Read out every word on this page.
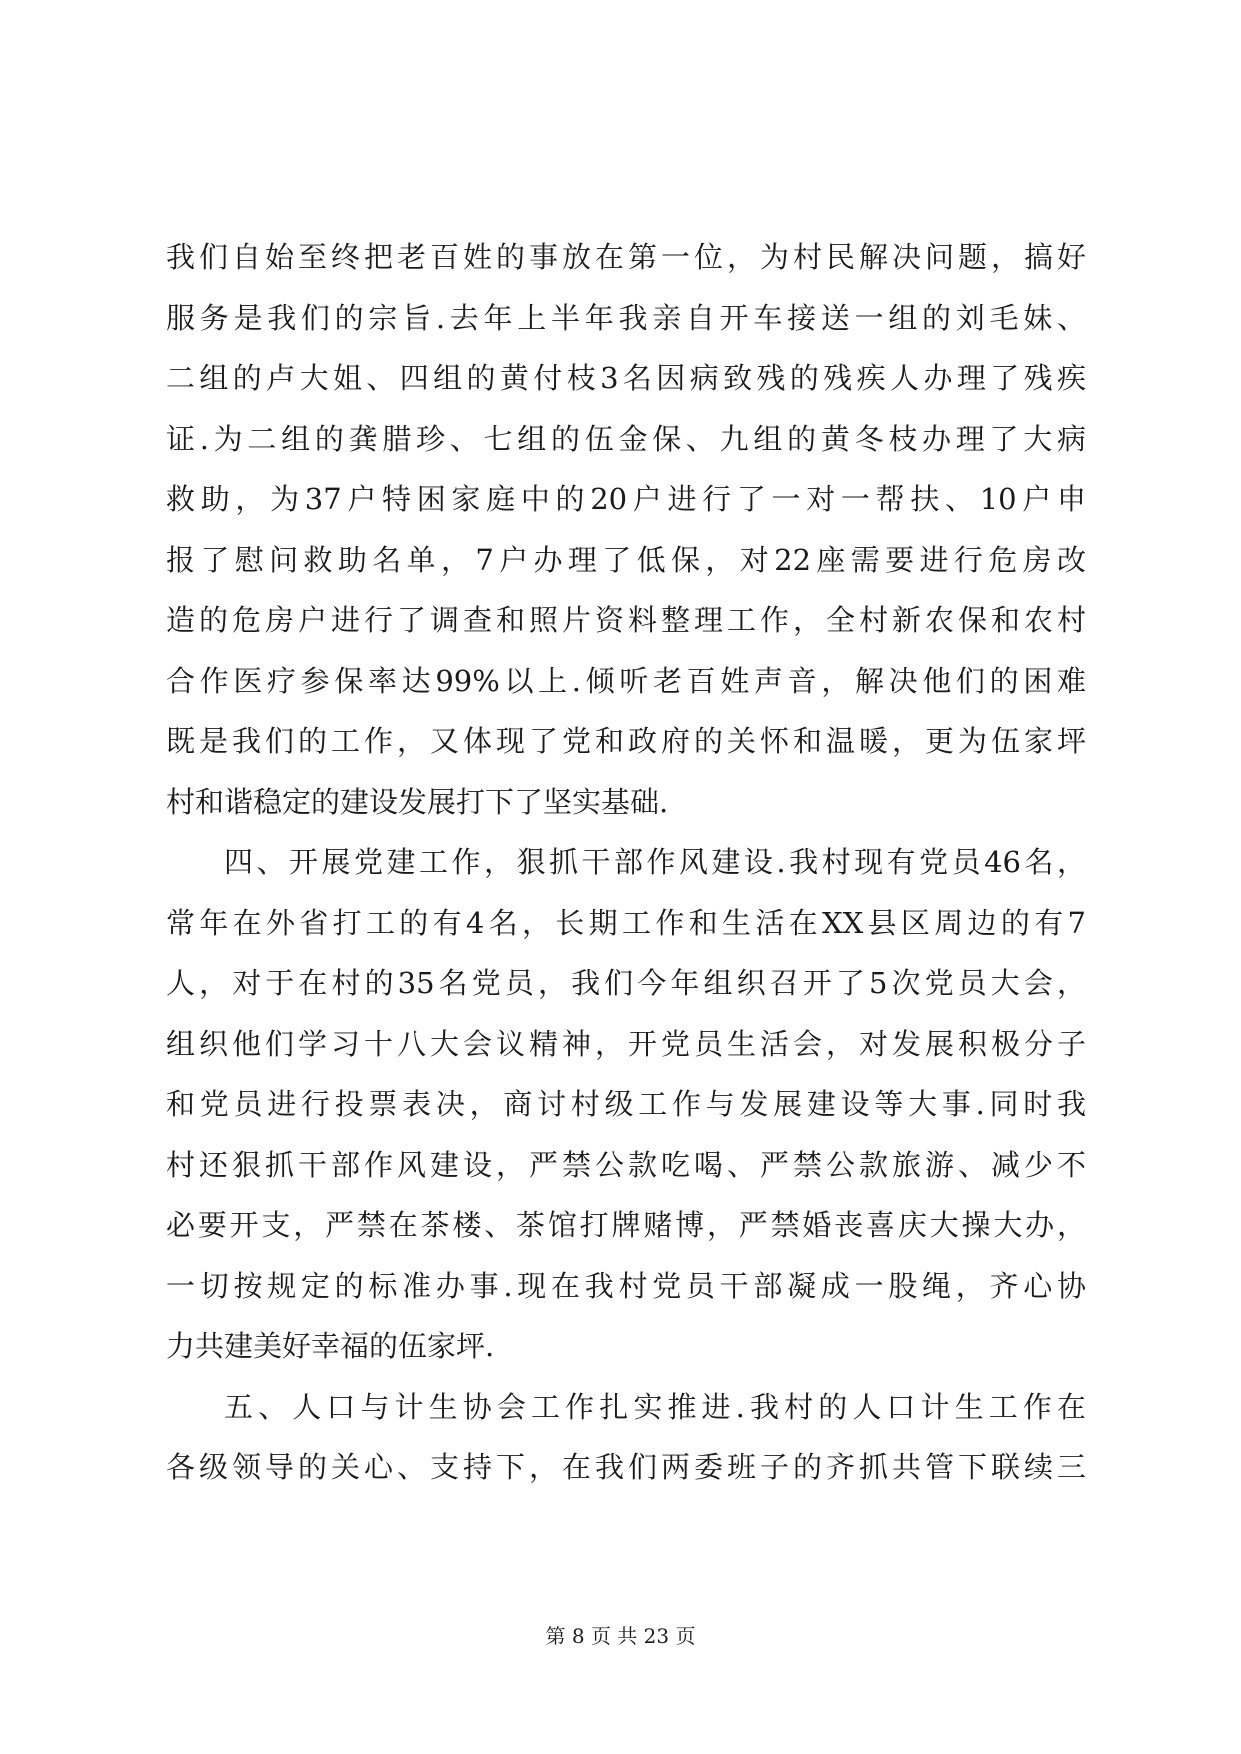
我们自始至终把老百姓的事放在第一位，为村民解决问题，搞好
服务是我们的宗旨.去年上半年我亲自开车接送一组的刘毛妹、
二组的卢大姐、四组的黄付枝3名因病致残的残疾人办理了残疾
证.为二组的龚腊珍、七组的伍金保、九组的黄冬枝办理了大病
救助，为37户特困家庭中的20户进行了一对一帮扶、10户申
报了慰问救助名单，7户办理了低保，对22座需要进行危房改
造的危房户进行了调查和照片资料整理工作，全村新农保和农村
合作医疗参保率达99%以上.倾听老百姓声音，解决他们的困难
既是我们的工作，又体现了党和政府的关怀和温暖，更为伍家坪
村和谐稳定的建设发展打下了坚实基础.
四、开展党建工作，狠抓干部作风建设.我村现有党员46名，
常年在外省打工的有4名，长期工作和生活在XX县区周边的有7
人，对于在村的35名党员，我们今年组织召开了5次党员大会，
组织他们学习十八大会议精神，开党员生活会，对发展积极分子
和党员进行投票表决，商讨村级工作与发展建设等大事.同时我
村还狠抓干部作风建设，严禁公款吃喝、严禁公款旅游、减少不
必要开支，严禁在茶楼、茶馆打牌赌博，严禁婚丧喜庆大操大办，
一切按规定的标准办事.现在我村党员干部凝成一股绳，齐心协
力共建美好幸福的伍家坪.
五、人口与计生协会工作扎实推进.我村的人口计生工作在
各级领导的关心、支持下，在我们两委班子的齐抓共管下联续三
第 8 页 共 23 页
